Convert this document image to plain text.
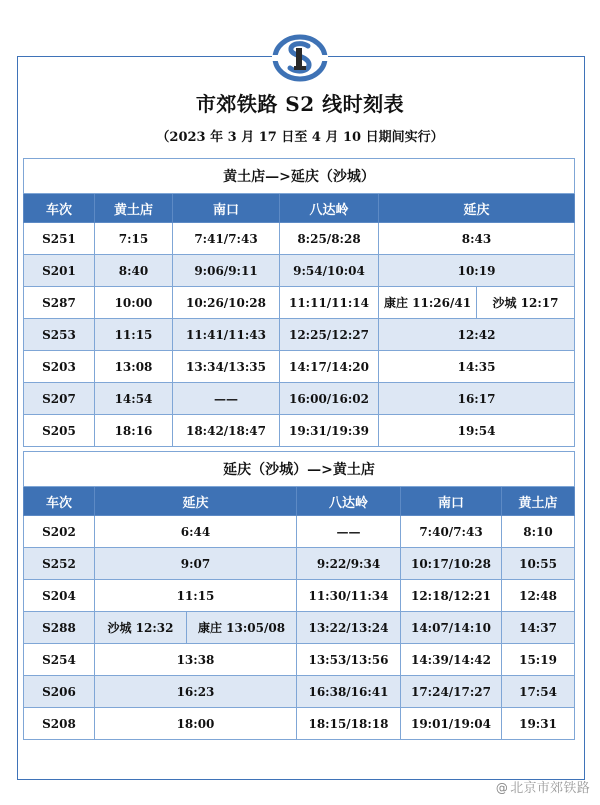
市郊铁路 S2 线时刻表
（2023 年 3 月 17 日至 4 月 10 日期间实行）
黄土店—>延庆（沙城）					
车次	黄土店	南口	八达岭	延庆	
S251	7:15	7:41/7:43	8:25/8:28	8:43	
S201	8:40	9:06/9:11	9:54/10:04	10:19	
S287	10:00	10:26/10:28	11:11/11:14	康庄 11:26/41	沙城 12:17
S253	11:15	11:41/11:43	12:25/12:27	12:42	
S203	13:08	13:34/13:35	14:17/14:20	14:35	
S207	14:54	——	16:00/16:02	16:17	
S205	18:16	18:42/18:47	19:31/19:39	19:54	
延庆（沙城）—>黄土店					
车次	延庆		八达岭	南口	黄土店
S202	6:44		——	7:40/7:43	8:10
S252	9:07		9:22/9:34	10:17/10:28	10:55
S204	11:15		11:30/11:34	12:18/12:21	12:48
S288	沙城 12:32	康庄 13:05/08	13:22/13:24	14:07/14:10	14:37
S254	13:38		13:53/13:56	14:39/14:42	15:19
S206	16:23		16:38/16:41	17:24/17:27	17:54
S208	18:00		18:15/18:18	19:01/19:04	19:31
@ 北京市郊铁路
